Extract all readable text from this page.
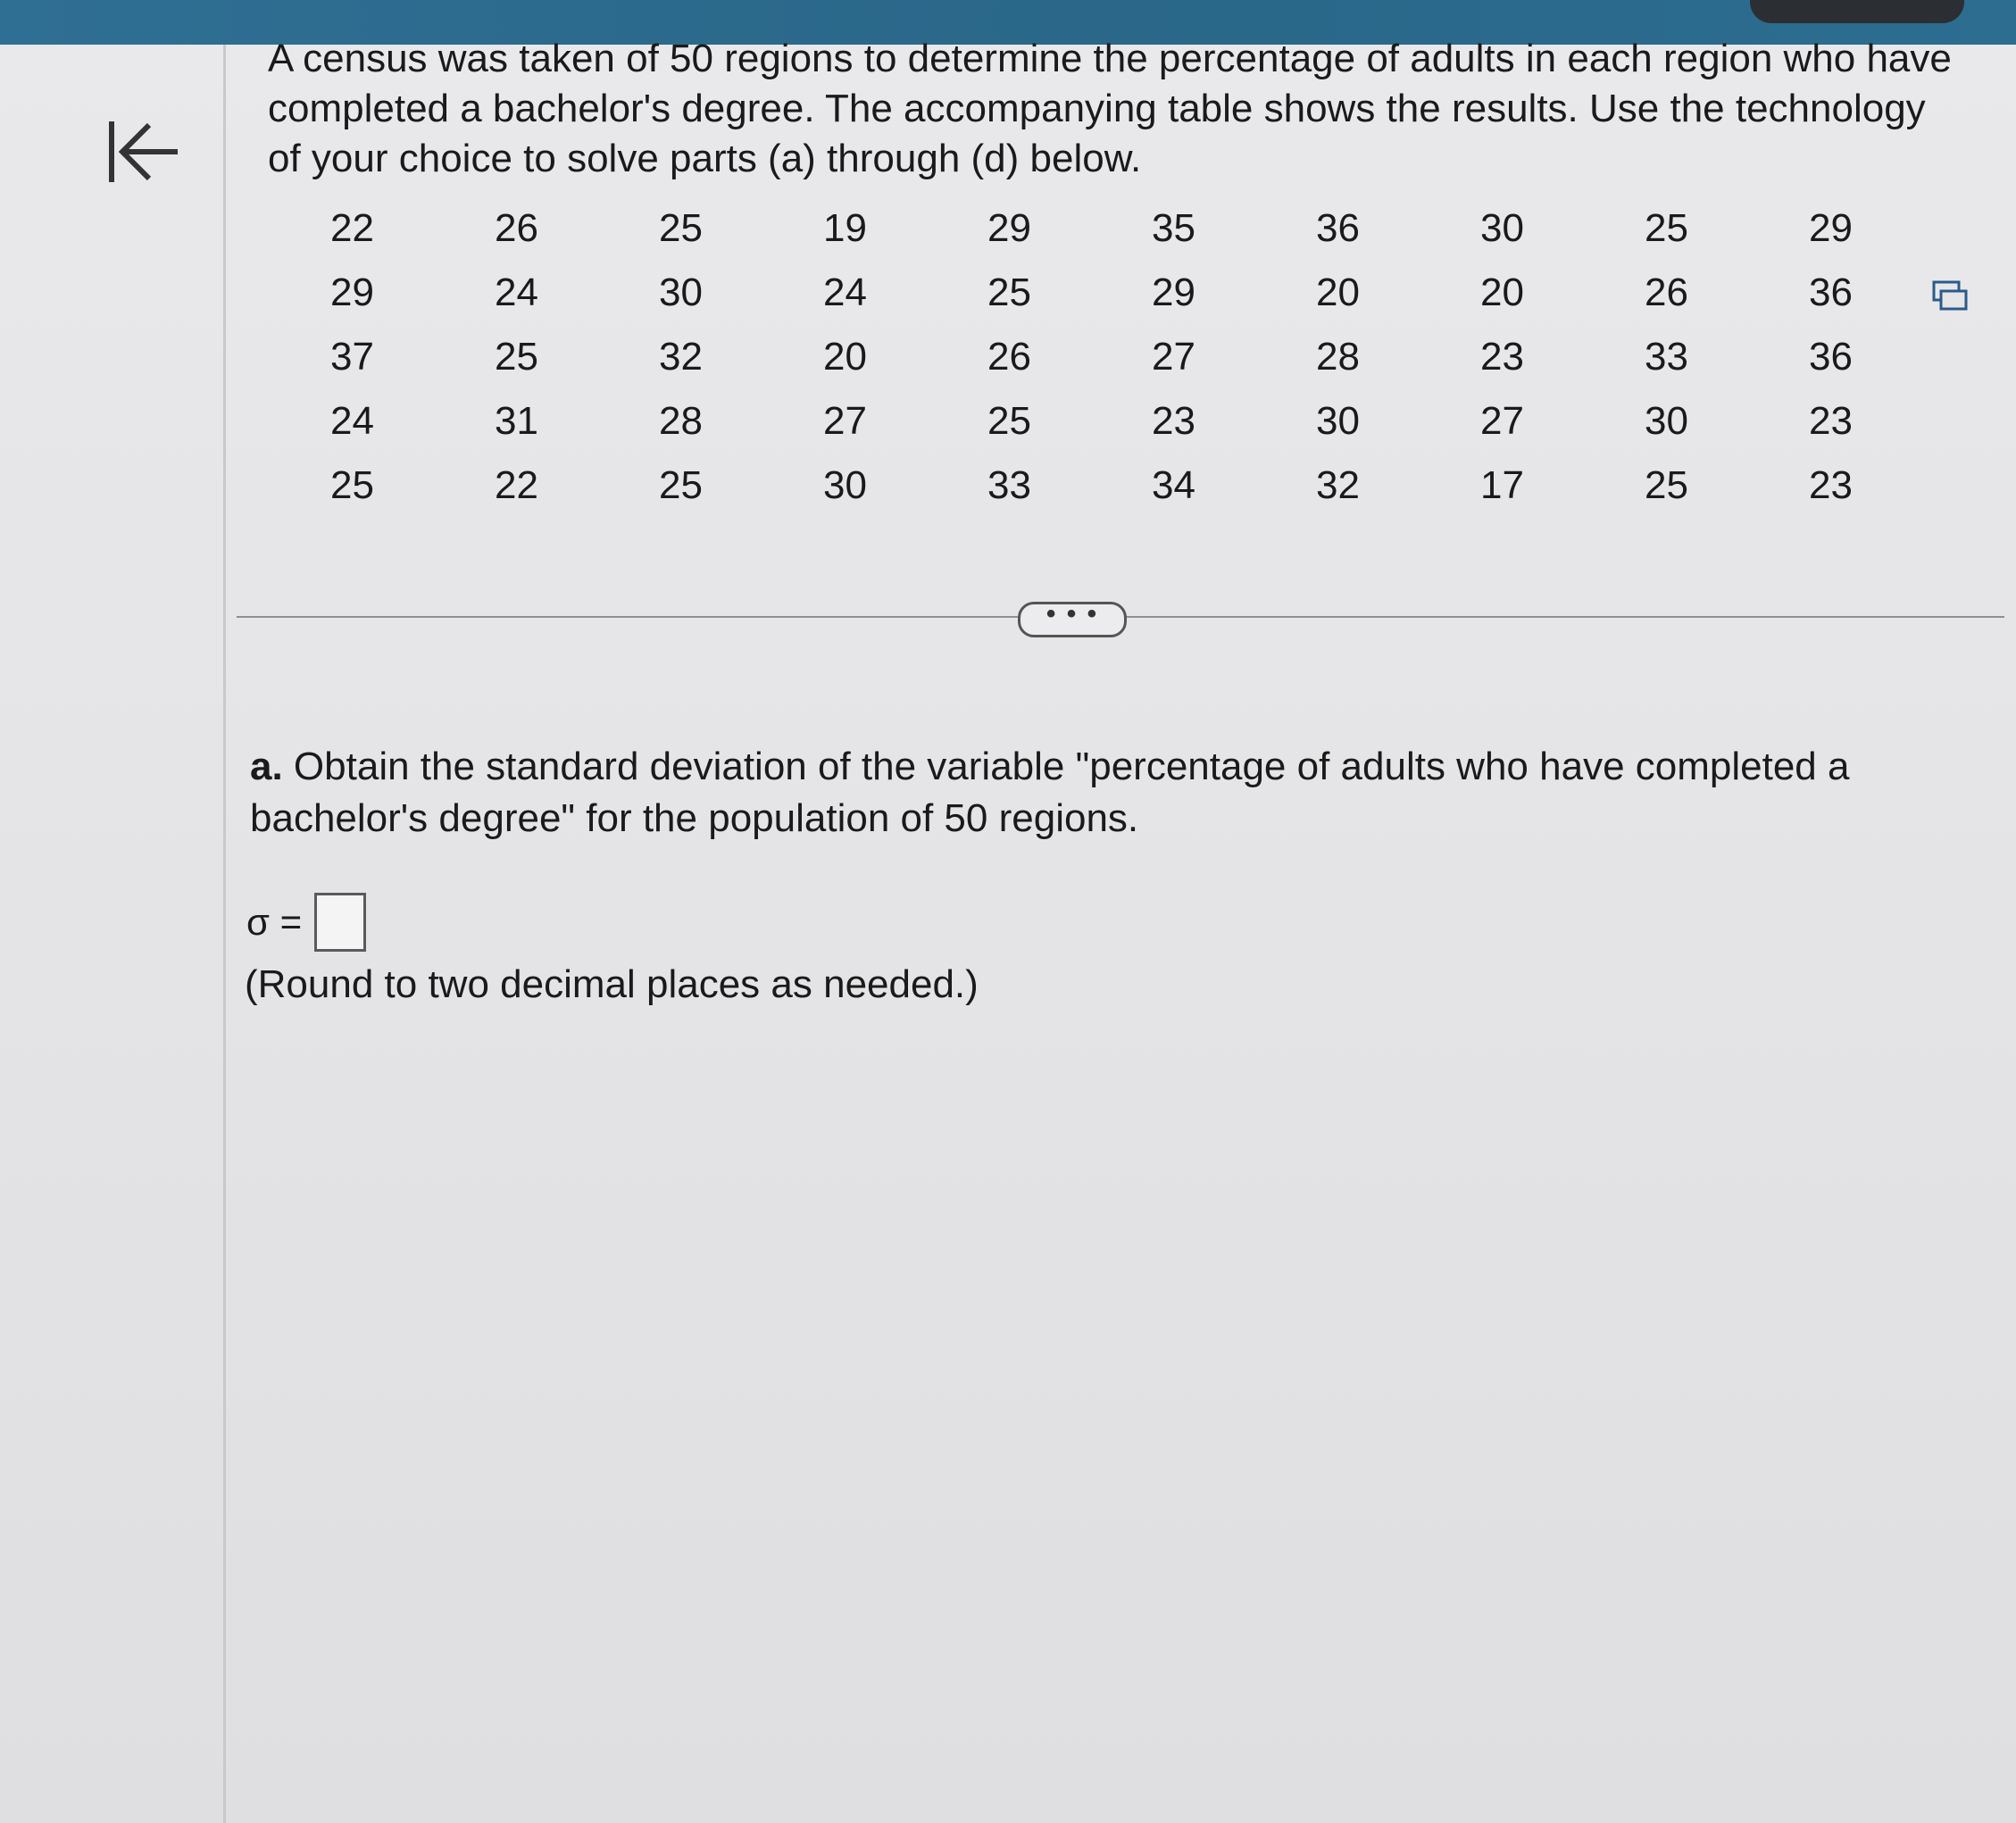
A census was taken of 50 regions to determine the percentage of adults in each region who have completed a bachelor's degree. The accompanying table shows the results. Use the technology of your choice to solve parts (a) through (d) below.

22	26	25	19	29	35	36	30	25	29
29	24	30	24	25	29	20	20	26	36
37	25	32	20	26	27	28	23	33	36
24	31	28	27	25	23	30	27	30	23
25	22	25	30	33	34	32	17	25	23
• • •

a. Obtain the standard deviation of the variable "percentage of adults who have completed a bachelor's degree" for the population of 50 regions.

σ =

(Round to two decimal places as needed.)
